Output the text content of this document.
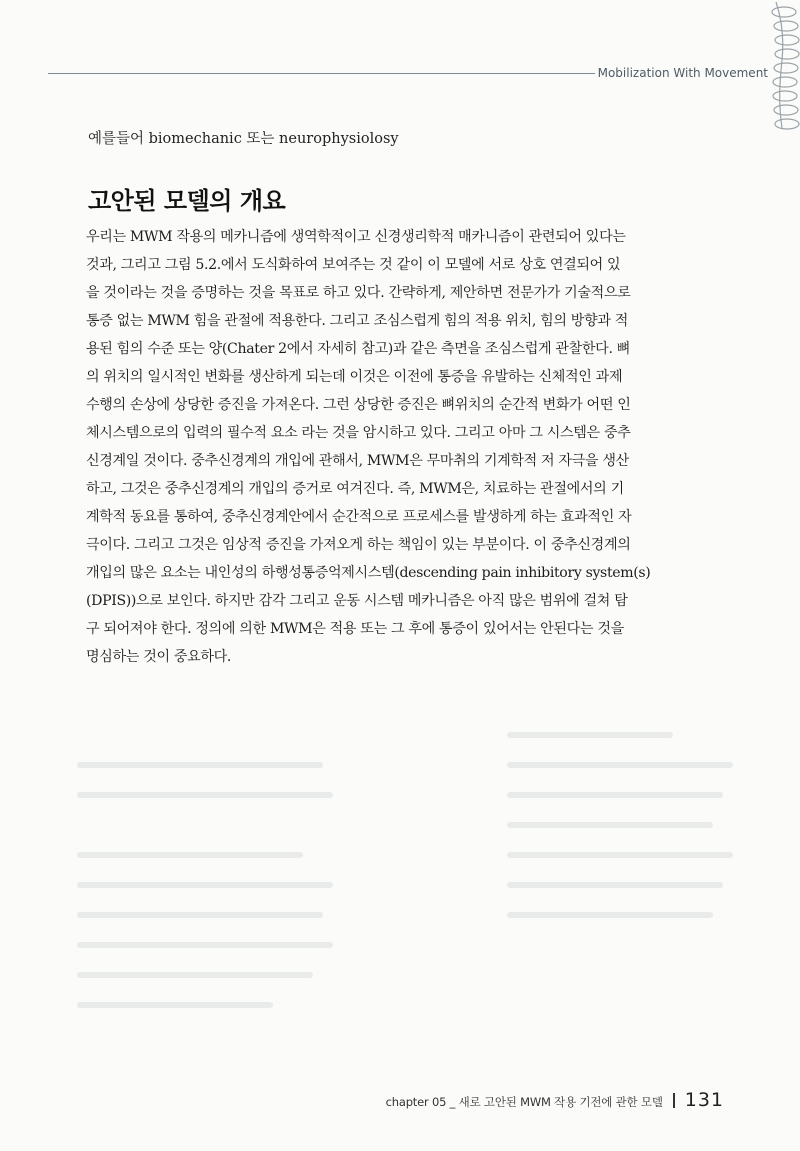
Mobilization With Movement
예를들어 biomechanic 또는 neurophysiolosy
고안된 모델의 개요
우리는 MWM 작용의 메카니즘에 생역학적이고 신경생리학적 매카니즘이 관련되어 있다는
것과, 그리고 그림 5.2.에서 도식화하여 보여주는 것 같이 이 모델에 서로 상호 연결되어 있
을 것이라는 것을 증명하는 것을 목표로 하고 있다. 간략하게, 제안하면 전문가가 기술적으로
통증 없는 MWM 힘을 관절에 적용한다. 그리고 조심스럽게 힘의 적용 위치, 힘의 방향과 적
용된 힘의 수준 또는 양(Chater 2에서 자세히 참고)과 같은 측면을 조심스럽게 관찰한다. 뼈
의 위치의 일시적인 변화를 생산하게 되는데 이것은 이전에 통증을 유발하는 신체적인 과제
수행의 손상에 상당한 증진을 가져온다. 그런 상당한 증진은 뼈위치의 순간적 변화가 어떤 인
체시스템으로의 입력의 필수적 요소 라는 것을 암시하고 있다. 그리고 아마 그 시스템은 중추
신경계일 것이다. 중추신경계의 개입에 관해서, MWM은 무마취의 기계학적 저 자극을 생산
하고, 그것은 중추신경계의 개입의 증거로 여겨진다. 즉, MWM은, 치료하는 관절에서의 기
계학적 동요를 통하여, 중추신경계안에서 순간적으로 프로세스를 발생하게 하는 효과적인 자
극이다. 그리고 그것은 임상적 증진을 가져오게 하는 책임이 있는 부분이다. 이 중추신경계의
개입의 많은 요소는 내인성의 하행성통증억제시스템(descending pain inhibitory system(s)
(DPIS))으로 보인다. 하지만 감각 그리고 운동 시스템 메카니즘은 아직 많은 범위에 걸쳐 탐
구 되어져야 한다. 정의에 의한 MWM은 적용 또는 그 후에 통증이 있어서는 안된다는 것을
명심하는 것이 중요하다.
chapter 05 _ 새로 고안된 MWM 작용 기전에 관한 모델 131
